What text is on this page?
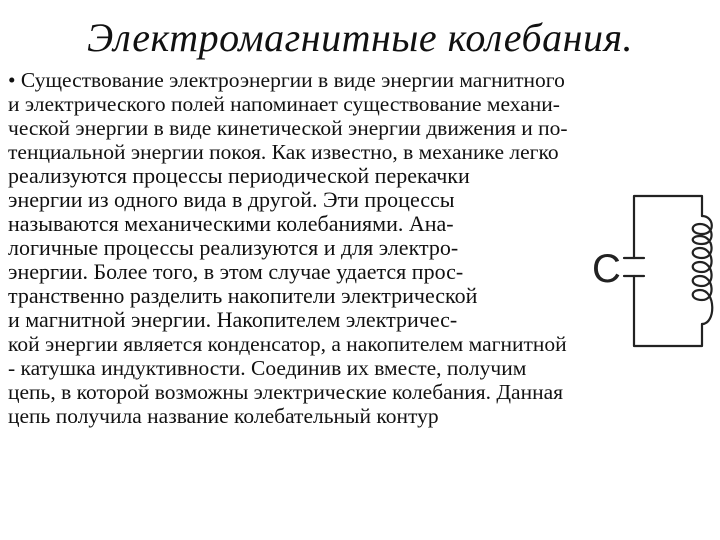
Электромагнитные колебания.
• Существование электроэнергии в виде энергии магнитного
и электрического полей напоминает существование механи-
ческой энергии в виде кинетической энергии движения и по-
тенциальной энергии покоя. Как известно, в механике легко
реализуются процессы периодической перекачки
энергии из одного вида в другой. Эти процессы
называются механическими колебаниями. Ана-
логичные процессы реализуются и для электро-
энергии. Более того, в этом случае удается прос-
транственно разделить накопители электрической
и магнитной энергии. Накопителем электричес-
кой энергии является конденсатор, а накопителем магнитной
- катушка индуктивности. Соединив их вместе, получим
цепь, в которой возможны электрические колебания. Данная
цепь получила название колебательный контур
C
